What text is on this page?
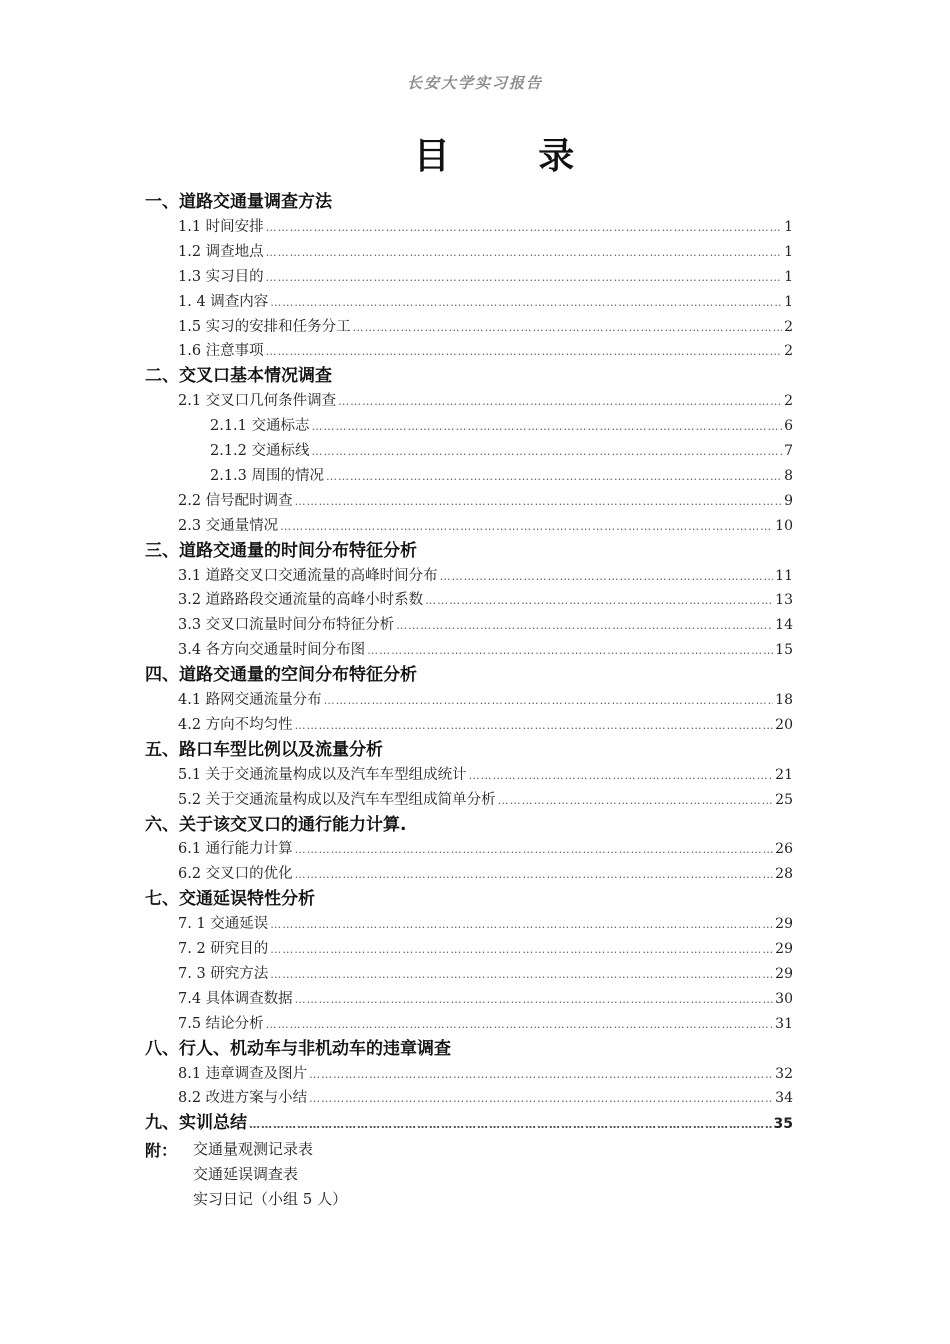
长安大学实习报告
目 录
一、道路交通量调查方法
1.1 时间安排 ……………………………………………………………………………………………………………………………………………………………………………………	1
1.2 调查地点 ……………………………………………………………………………………………………………………………………………………………………………………	1
1.3 实习目的 ……………………………………………………………………………………………………………………………………………………………………………………	1
1. 4 调查内容 ……………………………………………………………………………………………………………………………………………………………………………………	1
1.5 实习的安排和任务分工 ……………………………………………………………………………………………………………………………………………………………………………………	2
1.6 注意事项 ……………………………………………………………………………………………………………………………………………………………………………………	2
二、交叉口基本情况调查
2.1 交叉口几何条件调查 ……………………………………………………………………………………………………………………………………………………………………………………	2
2.1.1 交通标志 ……………………………………………………………………………………………………………………………………………………………………………………	6
2.1.2 交通标线 ……………………………………………………………………………………………………………………………………………………………………………………	7
2.1.3 周围的情况 ……………………………………………………………………………………………………………………………………………………………………………………	8
2.2 信号配时调查 ……………………………………………………………………………………………………………………………………………………………………………………	9
2.3 交通量情况 ……………………………………………………………………………………………………………………………………………………………………………………	10
三、道路交通量的时间分布特征分析
3.1 道路交叉口交通流量的高峰时间分布 ……………………………………………………………………………………………………………………………………………………………………………………	11
3.2 道路路段交通流量的高峰小时系数 ……………………………………………………………………………………………………………………………………………………………………………………	13
3.3 交叉口流量时间分布特征分析 ……………………………………………………………………………………………………………………………………………………………………………………	14
3.4 各方向交通量时间分布图 ……………………………………………………………………………………………………………………………………………………………………………………	15
四、道路交通量的空间分布特征分析
4.1 路网交通流量分布 ……………………………………………………………………………………………………………………………………………………………………………………	18
4.2 方向不均匀性 ……………………………………………………………………………………………………………………………………………………………………………………	20
五、路口车型比例以及流量分析
5.1 关于交通流量构成以及汽车车型组成统计 ……………………………………………………………………………………………………………………………………………………………………………………	21
5.2 关于交通流量构成以及汽车车型组成简单分析 ……………………………………………………………………………………………………………………………………………………………………………………	25
六、关于该交叉口的通行能力计算.
6.1 通行能力计算 ……………………………………………………………………………………………………………………………………………………………………………………	26
6.2 交叉口的优化 ……………………………………………………………………………………………………………………………………………………………………………………	28
七、交通延误特性分析
7. 1 交通延误 ……………………………………………………………………………………………………………………………………………………………………………………	29
7. 2 研究目的 ……………………………………………………………………………………………………………………………………………………………………………………	29
7. 3 研究方法 ……………………………………………………………………………………………………………………………………………………………………………………	29
7.4 具体调查数据 ……………………………………………………………………………………………………………………………………………………………………………………	30
7.5 结论分析 ……………………………………………………………………………………………………………………………………………………………………………………	31
八、行人、机动车与非机动车的违章调查
8.1 违章调查及图片 ……………………………………………………………………………………………………………………………………………………………………………………	32
8.2 改进方案与小结 ……………………………………………………………………………………………………………………………………………………………………………………	34
九、实训总结 ……………………………………………………………………………………………………………………………………………………………………………………	35
附：	交通量观测记录表
交通延误调查表
实习日记（小组 5 人）
